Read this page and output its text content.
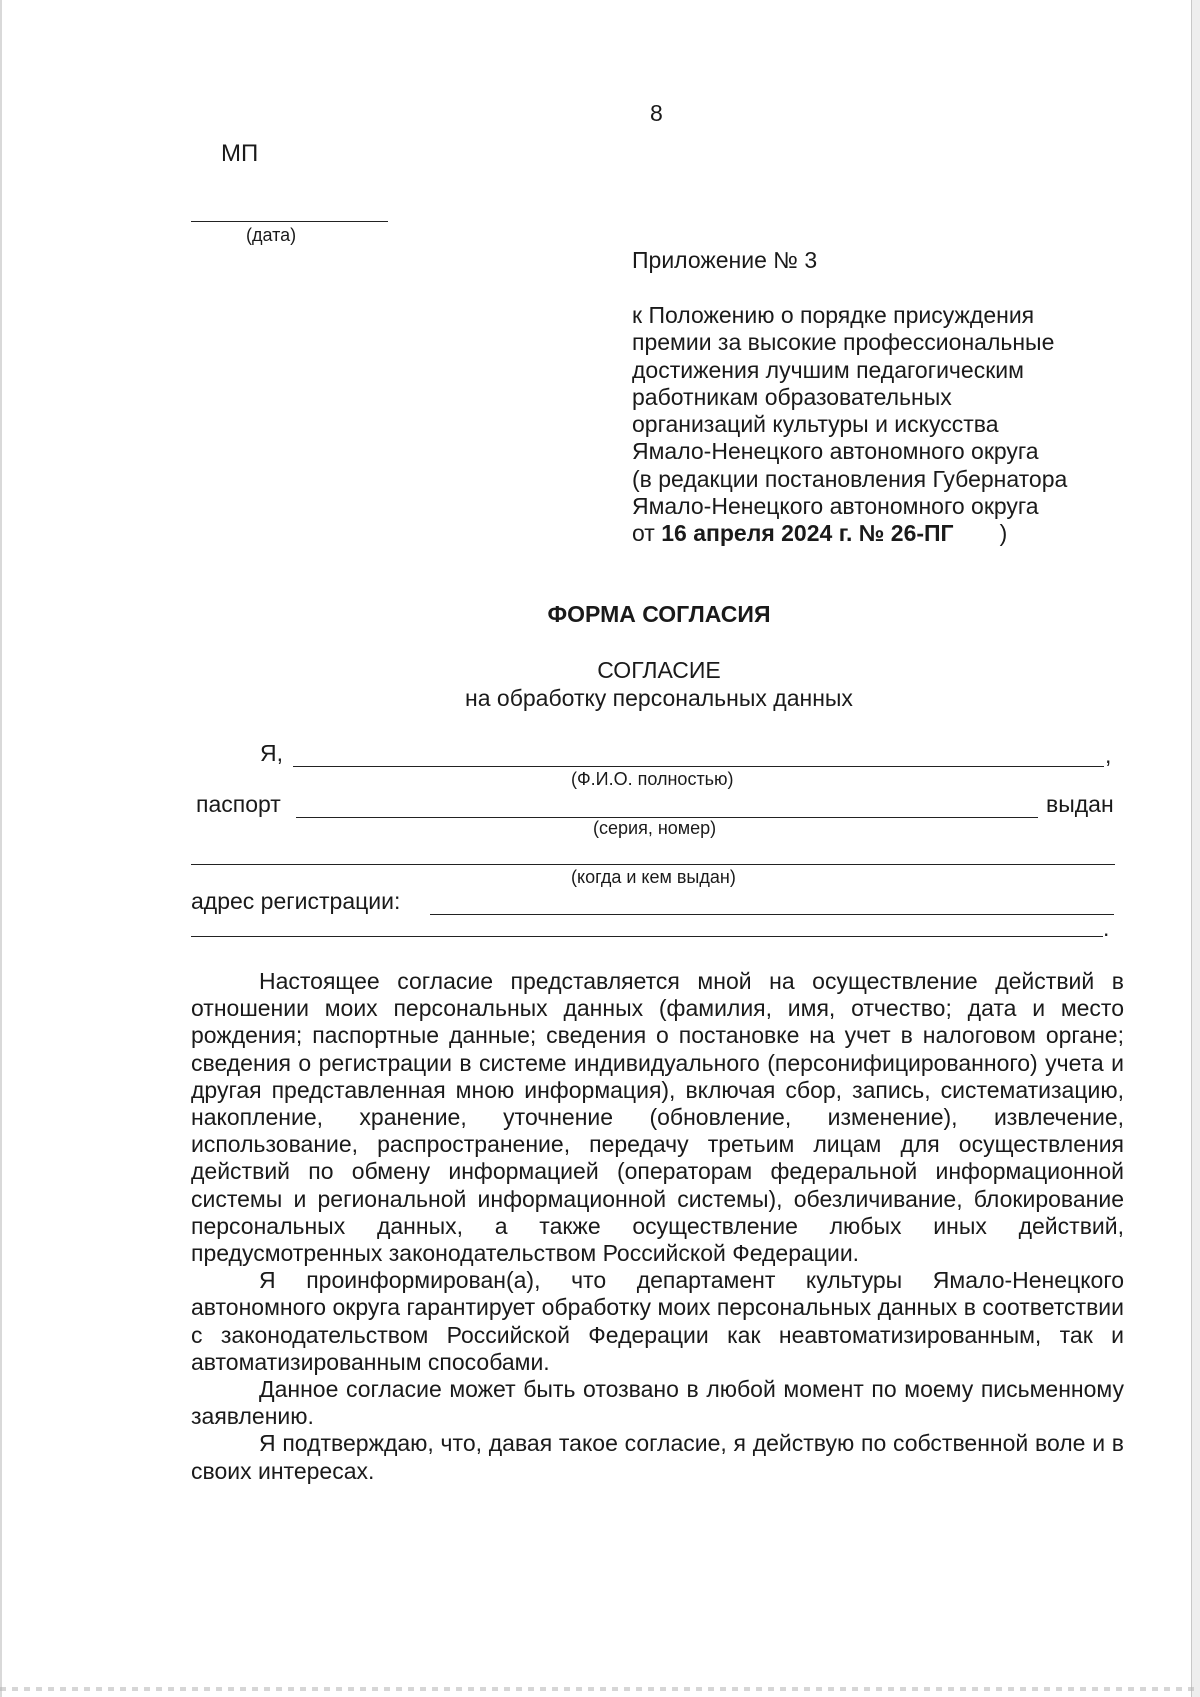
8
МП
(дата)
Приложение № 3
к Положению о порядке присуждения
премии за высокие профессиональные
достижения лучшим педагогическим
работникам образовательных
организаций культуры и искусства
Ямало-Ненецкого автономного округа
(в редакции постановления Губернатора
Ямало-Ненецкого автономного округа
от 16 апреля 2024 г. № 26-ПГ )
ФОРМА СОГЛАСИЯ
СОГЛАСИЕ
на обработку персональных данных
Я,	,
(Ф.И.О. полностью)
паспорт	выдан
(серия, номер)
(когда и кем выдан)
адрес регистрации:
.

Настоящее согласие представляется мной на осуществление действий в отношении моих персональных данных (фамилия, имя, отчество; дата и место рождения; паспортные данные; сведения о постановке на учет в налоговом органе; сведения о регистрации в системе индивидуального (персонифицированного) учета и другая представленная мною информация), включая сбор, запись, систематизацию, накопление, хранение, уточнение (обновление, изменение), извлечение, использование, распространение, передачу третьим лицам для осуществления действий по обмену информацией (операторам федеральной информационной системы и региональной информационной системы), обезличивание, блокирование персональных данных, а также осуществление любых иных действий, предусмотренных законодательством Российской Федерации.

Я проинформирован(а), что департамент культуры Ямало-Ненецкого автономного округа гарантирует обработку моих персональных данных в соответствии с законодательством Российской Федерации как неавтоматизированным, так и автоматизированным способами.

Данное согласие может быть отозвано в любой момент по моему письменному заявлению.

Я подтверждаю, что, давая такое согласие, я действую по собственной воле и в своих интересах.
